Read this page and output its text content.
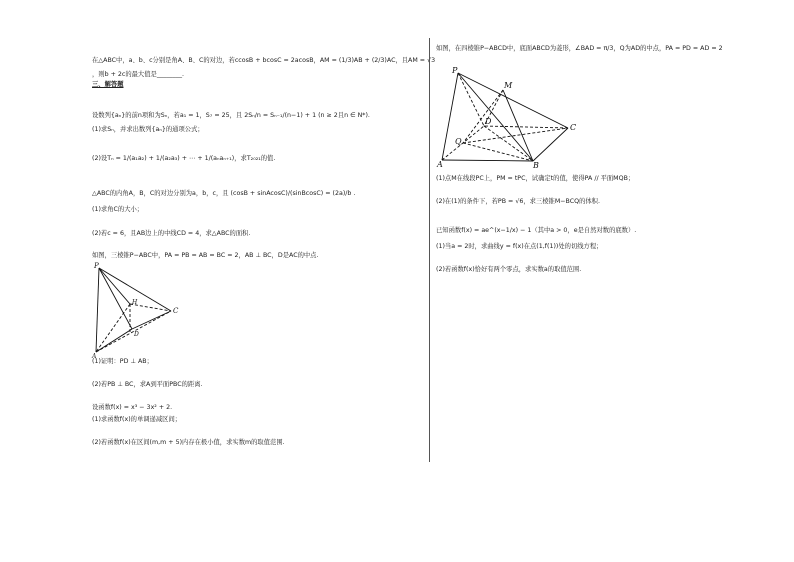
在△ABC中，a、b、c分别是角A、B、C的对边，若ccosB + bcosC = 2acosB，AM = (1/3)AB + (2/3)AC，且AM = √3
，则b + 2c的最大值是________.
三、解答题
设数列{aₙ}的前n项和为Sₙ，若a₁ = 1，S₇ = 25，且 2Sₙ/n = Sₙ₋₁/(n−1) + 1 (n ≥ 2且n ∈ N*).
(1)求Sₙ，并求出数列{aₙ}的通项公式；
(2)设Tₙ = 1/(a₁a₂) + 1/(a₂a₃) + ⋯ + 1/(aₙaₙ₊₁)，求T₂₀₂₁的值.
△ABC的内角A，B，C的对边分别为a，b，c，且 (cosB + sinAcosC)/(sinBcosC) = (2a)/b .
(1)求角C的大小；
(2)若c = 6，且AB边上的中线CD = 4，求△ABC的面积.
如图，三棱锥P−ABC中，PA = PB = AB = BC = 2，AB ⊥ BC，D是AC的中点.
P
H
C
D
A
(1)证明：PD ⊥ AB；
(2)若PB ⊥ BC，求A到平面PBC的距离.
设函数f(x) = x³ − 3x² + 2.
(1)求函数f(x)的单调递减区间；
(2)若函数f(x)在区间(m,m + 5)内存在极小值，求实数m的取值范围.
如图，在四棱锥P−ABCD中，底面ABCD为菱形，∠BAD = π/3，Q为AD的中点，PA = PD = AD = 2
P
M
D
C
Q
A	B
(1)点M在线段PC上，PM = tPC，试确定t的值，使得PA // 平面MQB；
(2)在(1)的条件下，若PB = √6，求三棱锥M−BCQ的体积.
已知函数f(x) = ae^(x−1/x) − 1（其中a > 0，e是自然对数的底数）.
(1)当a = 2时，求曲线y = f(x)在点(1,f(1))处的切线方程；
(2)若函数f(x)恰好有两个零点，求实数a的取值范围.
